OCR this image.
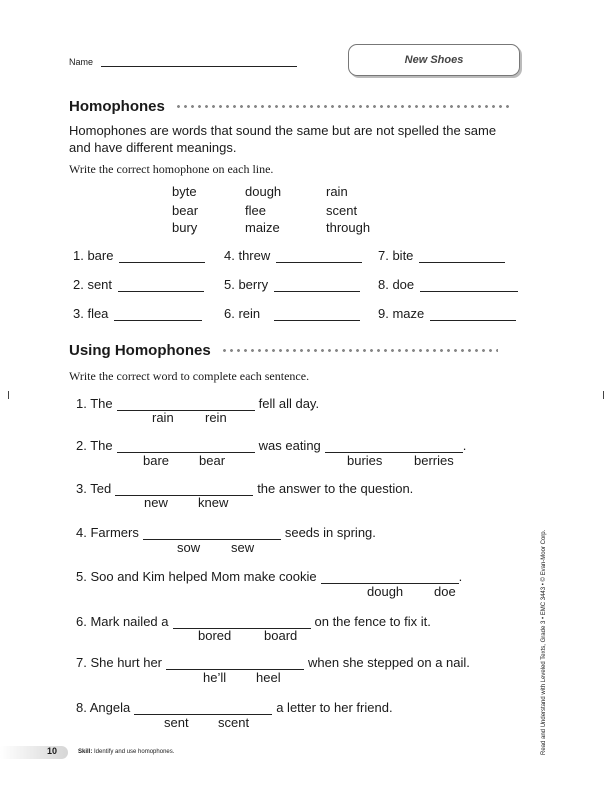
Name	New Shoes
Homophones
Homophones are words that sound the same but are not spelled the same and have different meanings.
Write the correct homophone on each line.
byte	dough	rain
bear	flee	scent
bury	maize	through
1. bare	4. threw	7. bite
2. sent	5. berry	8. doe
3. flea	6. rein	9. maze
Using Homophones
Write the correct word to complete each sentence.
1. The	fell all day.
rain rein
2. The	was eating	.
bare bear	buries berries
3. Ted	the answer to the question.
new knew
4. Farmers	seeds in spring.
sow sew
5. Soo and Kim helped Mom make cookie	.
dough doe
6. Mark nailed a	on the fence to fix it.
bored	board
7. She hurt her	when she stepped on a nail.
he’ll heel
8. Angela	a letter to her friend.
sent scent
10	Skill: Identify and use homophones.	Read and Understand with Leveled Texts, Grade 3 • EMC 3443 • © Evan-Moor Corp.
